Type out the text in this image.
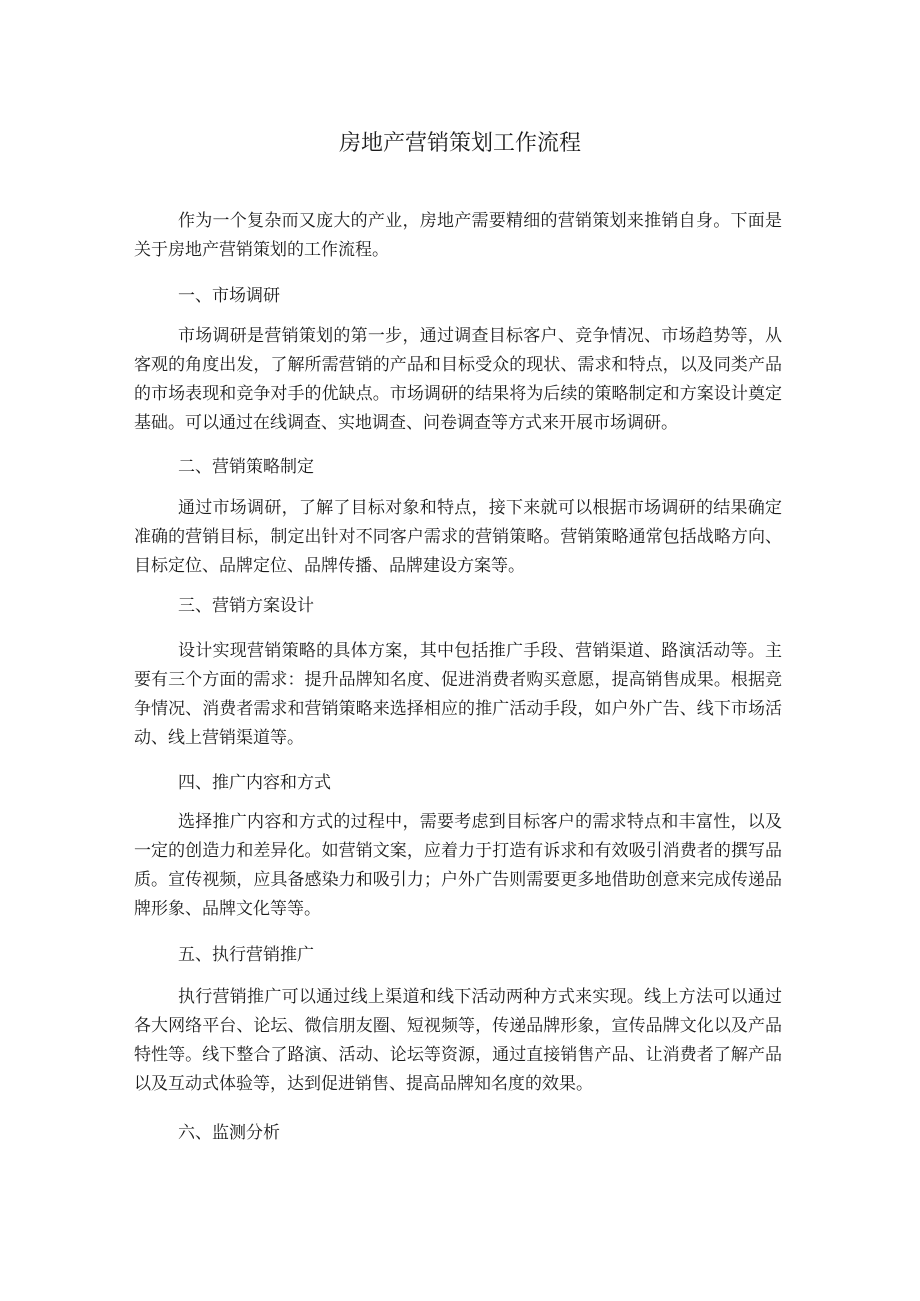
房地产营销策划工作流程

作为一个复杂而又庞大的产业，房地产需要精细的营销策划来推销自身。下面是关于房地产营销策划的工作流程。

一、市场调研

市场调研是营销策划的第一步，通过调查目标客户、竞争情况、市场趋势等，从客观的角度出发，了解所需营销的产品和目标受众的现状、需求和特点，以及同类产品的市场表现和竞争对手的优缺点。市场调研的结果将为后续的策略制定和方案设计奠定基础。可以通过在线调查、实地调查、问卷调查等方式来开展市场调研。

二、营销策略制定

通过市场调研，了解了目标对象和特点，接下来就可以根据市场调研的结果确定准确的营销目标，制定出针对不同客户需求的营销策略。营销策略通常包括战略方向、目标定位、品牌定位、品牌传播、品牌建设方案等。

三、营销方案设计

设计实现营销策略的具体方案，其中包括推广手段、营销渠道、路演活动等。主要有三个方面的需求：提升品牌知名度、促进消费者购买意愿，提高销售成果。根据竞争情况、消费者需求和营销策略来选择相应的推广活动手段，如户外广告、线下市场活动、线上营销渠道等。

四、推广内容和方式

选择推广内容和方式的过程中，需要考虑到目标客户的需求特点和丰富性，以及一定的创造力和差异化。如营销文案，应着力于打造有诉求和有效吸引消费者的撰写品质。宣传视频，应具备感染力和吸引力；户外广告则需要更多地借助创意来完成传递品牌形象、品牌文化等等。

五、执行营销推广

执行营销推广可以通过线上渠道和线下活动两种方式来实现。线上方法可以通过各大网络平台、论坛、微信朋友圈、短视频等，传递品牌形象，宣传品牌文化以及产品特性等。线下整合了路演、活动、论坛等资源，通过直接销售产品、让消费者了解产品以及互动式体验等，达到促进销售、提高品牌知名度的效果。

六、监测分析
